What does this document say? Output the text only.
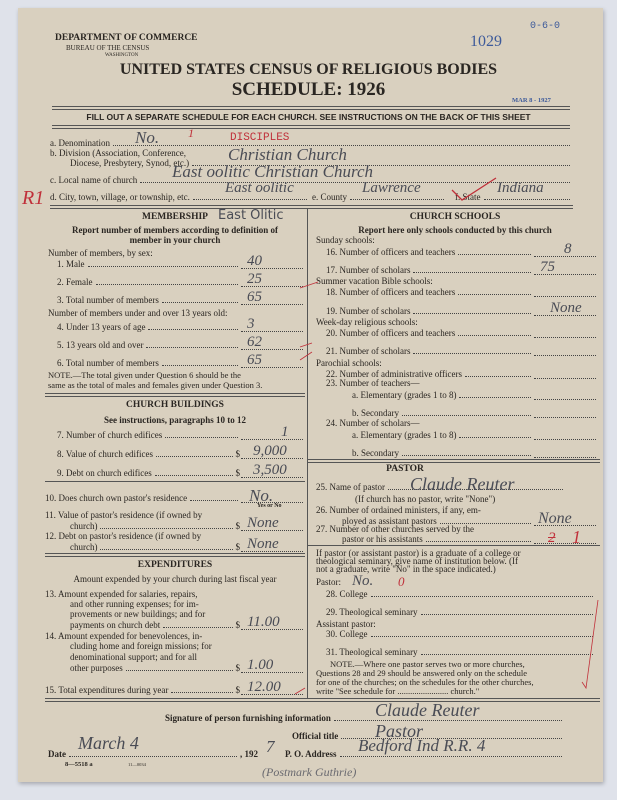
DEPARTMENT OF COMMERCE
BUREAU OF THE CENSUS
WASHINGTON
1029
0-6-0
UNITED STATES CENSUS OF RELIGIOUS BODIES
SCHEDULE: 1926
MAR 8 - 1927
FILL OUT A SEPARATE SCHEDULE FOR EACH CHURCH. SEE INSTRUCTIONS ON THE BACK OF THIS SHEET
a. Denomination No. 1	DISCIPLES
b. Division (Association, Conference,
Diocese, Presbytery, Synod, etc.) Christian Church
c. Local name of church East oolitic Christian Church
d. City, town, village, or township, etc.
East oolitic
e. County
Lawrence
f. State
Indiana
R1
MEMBERSHIP East Olitic
Report number of members according to definition of
member in your church
Number of members, by sex:
1. Male	40
2. Female	25
3. Total number of members	65
Number of members under and over 13 years old:
4. Under 13 years of age	3
5. 13 years old and over	62
6. Total number of members	65
NOTE.—The total given under Question 6 should be the
same as the total of males and females given under Question 3.
CHURCH BUILDINGS
See instructions, paragraphs 10 to 12
7. Number of church edifices	1
8. Value of church edifices	$ 9,000
9. Debt on church edifices	$ 3,500
10. Does church own pastor's residence	No.
Yes or No
11. Value of pastor's residence (if owned by
church)	$ None
12. Debt on pastor's residence (if owned by
church)	$ None
EXPENDITURES
Amount expended by your church during last fiscal year
13. Amount expended for salaries, repairs,
and other running expenses; for im-
provements or new buildings; and for
payments on church debt	$ 11.00
14. Amount expended for benevolences, in-
cluding home and foreign missions; for
denominational support; and for all
other purposes	$ 1.00
15. Total expenditures during year	$ 12.00
CHURCH SCHOOLS
Report here only schools conducted by this church
Sunday schools:
16. Number of officers and teachers	8
17. Number of scholars	75
Summer vacation Bible schools:
18. Number of officers and teachers
19. Number of scholars	None
Week-day religious schools:
20. Number of officers and teachers
21. Number of scholars
Parochial schools:
22. Number of administrative officers
23. Number of teachers—
a. Elementary (grades 1 to 8)
b. Secondary
24. Number of scholars—
a. Elementary (grades 1 to 8)
b. Secondary
PASTOR
25. Name of pastor Claude Reuter
(If church has no pastor, write "None")
26. Number of ordained ministers, if any, em-
ployed as assistant pastors	None
27. Number of other churches served by the
pastor or his assistants	2 1
If pastor (or assistant pastor) is a graduate of a college or
theological seminary, give name of institution below. (If
not a graduate, write "No" in the space indicated.)
Pastor: No. 0
28. College
29. Theological seminary
Assistant pastor:
30. College
31. Theological seminary
NOTE.—Where one pastor serves two or more churches,
Questions 28 and 29 should be answered only on the schedule
for one of the churches; on the schedules for the other churches,
write "See schedule for ........................ church."
Signature of person furnishing information Claude Reuter
Official title Pastor
Date
March 4
, 192 7 P. O. Address Bedford Ind R.R. 4
8—5518 a	11—0034
(Postmark Guthrie)
